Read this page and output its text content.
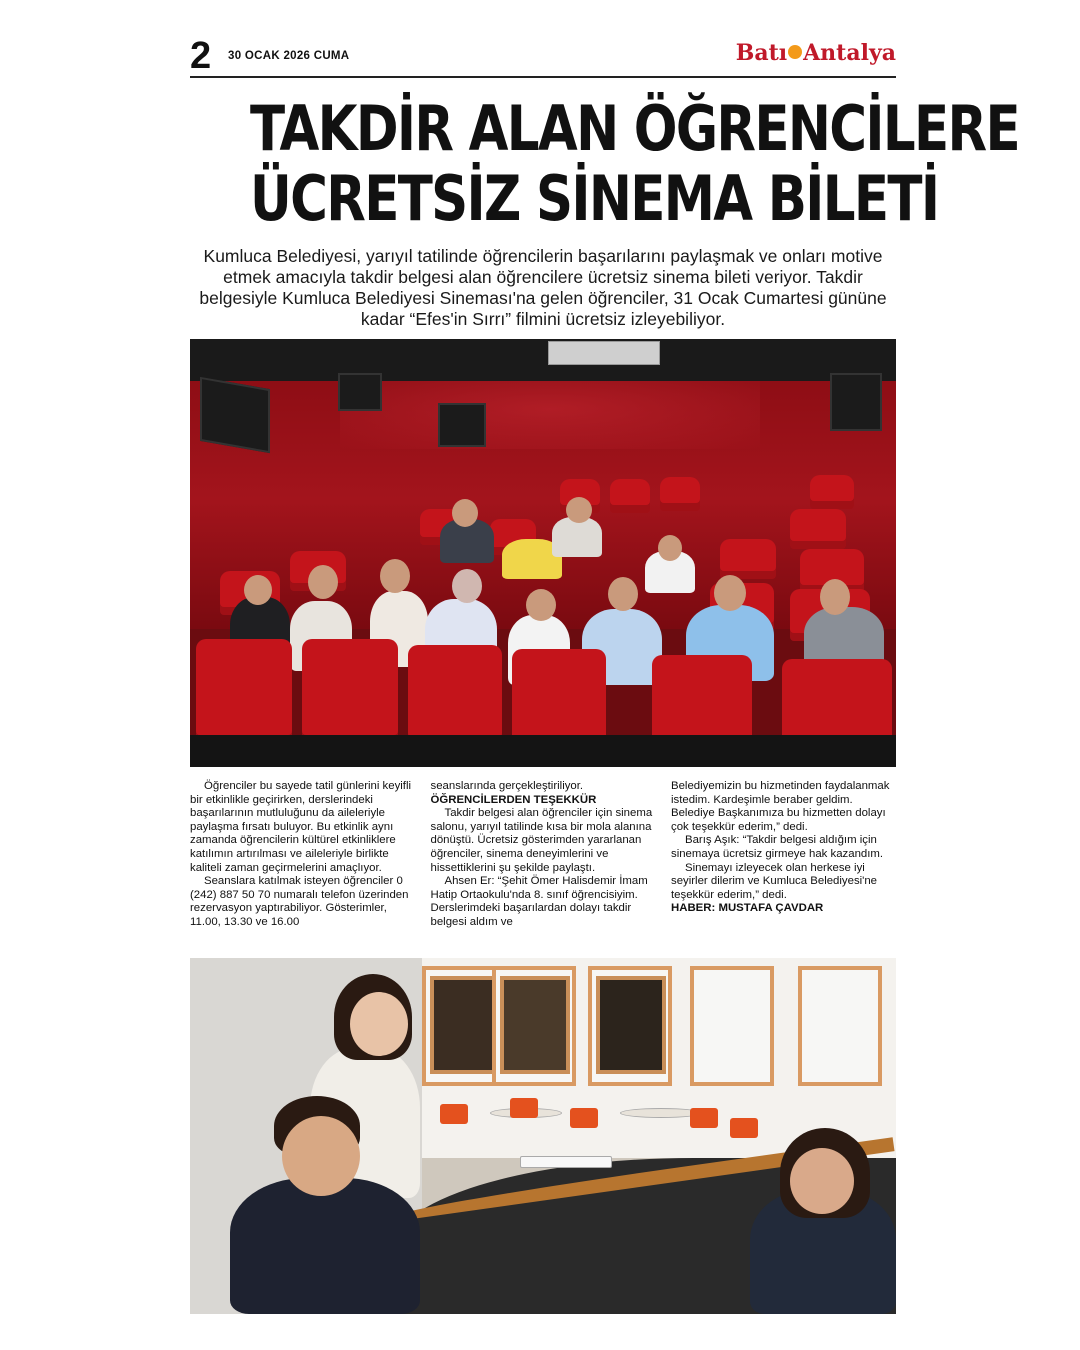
2 30 OCAK 2026 CUMA	Batı Antalya
TAKDİR ALAN ÖĞRENCİLERE
ÜCRETSİZ SİNEMA BİLETİ
Kumluca Belediyesi, yarıyıl tatilinde öğrencilerin başarılarını paylaşmak ve onları motive etmek amacıyla takdir belgesi alan öğrencilere ücretsiz sinema bileti veriyor. Takdir belgesiyle Kumluca Belediyesi Sineması'na gelen öğrenciler, 31 Ocak Cumartesi gününe kadar “Efes'in Sırrı” filmini ücretsiz izleyebiliyor.

Öğrenciler bu sayede tatil günlerini keyifli bir etkinlikle geçirirken, derslerindeki başarılarının mutluluğunu da aileleriyle paylaşma fırsatı buluyor. Bu etkinlik aynı zamanda öğrencilerin kültürel etkinliklere katılımın artırılması ve aileleriyle birlikte kaliteli zaman geçirmelerini amaçlıyor.

Seanslara katılmak isteyen öğrenciler 0 (242) 887 50 70 numaralı telefon üzerinden rezervasyon yaptırabiliyor. Gösterimler, 11.00, 13.30 ve 16.00

seanslarında gerçekleştiriliyor.

ÖĞRENCİLERDEN TEŞEKKÜR

Takdir belgesi alan öğrenciler için sinema salonu, yarıyıl tatilinde kısa bir mola alanına dönüştü. Ücretsiz gösterimden yararlanan öğrenciler, sinema deneyimlerini ve hissettiklerini şu şekilde paylaştı.

Ahsen Er: “Şehit Ömer Halisdemir İmam Hatip Ortaokulu'nda 8. sınıf öğrencisiyim. Derslerimdeki başarılardan dolayı takdir belgesi aldım ve

Belediyemizin bu hizmetinden faydalanmak istedim. Kardeşimle beraber geldim. Belediye Başkanımıza bu hizmetten dolayı çok teşekkür ederim,” dedi.

Barış Aşık: “Takdir belgesi aldığım için sinemaya ücretsiz girmeye hak kazandım.

Sinemayı izleyecek olan herkese iyi seyirler dilerim ve Kumluca Belediyesi'ne teşekkür ederim,” dedi.

HABER: MUSTAFA ÇAVDAR
